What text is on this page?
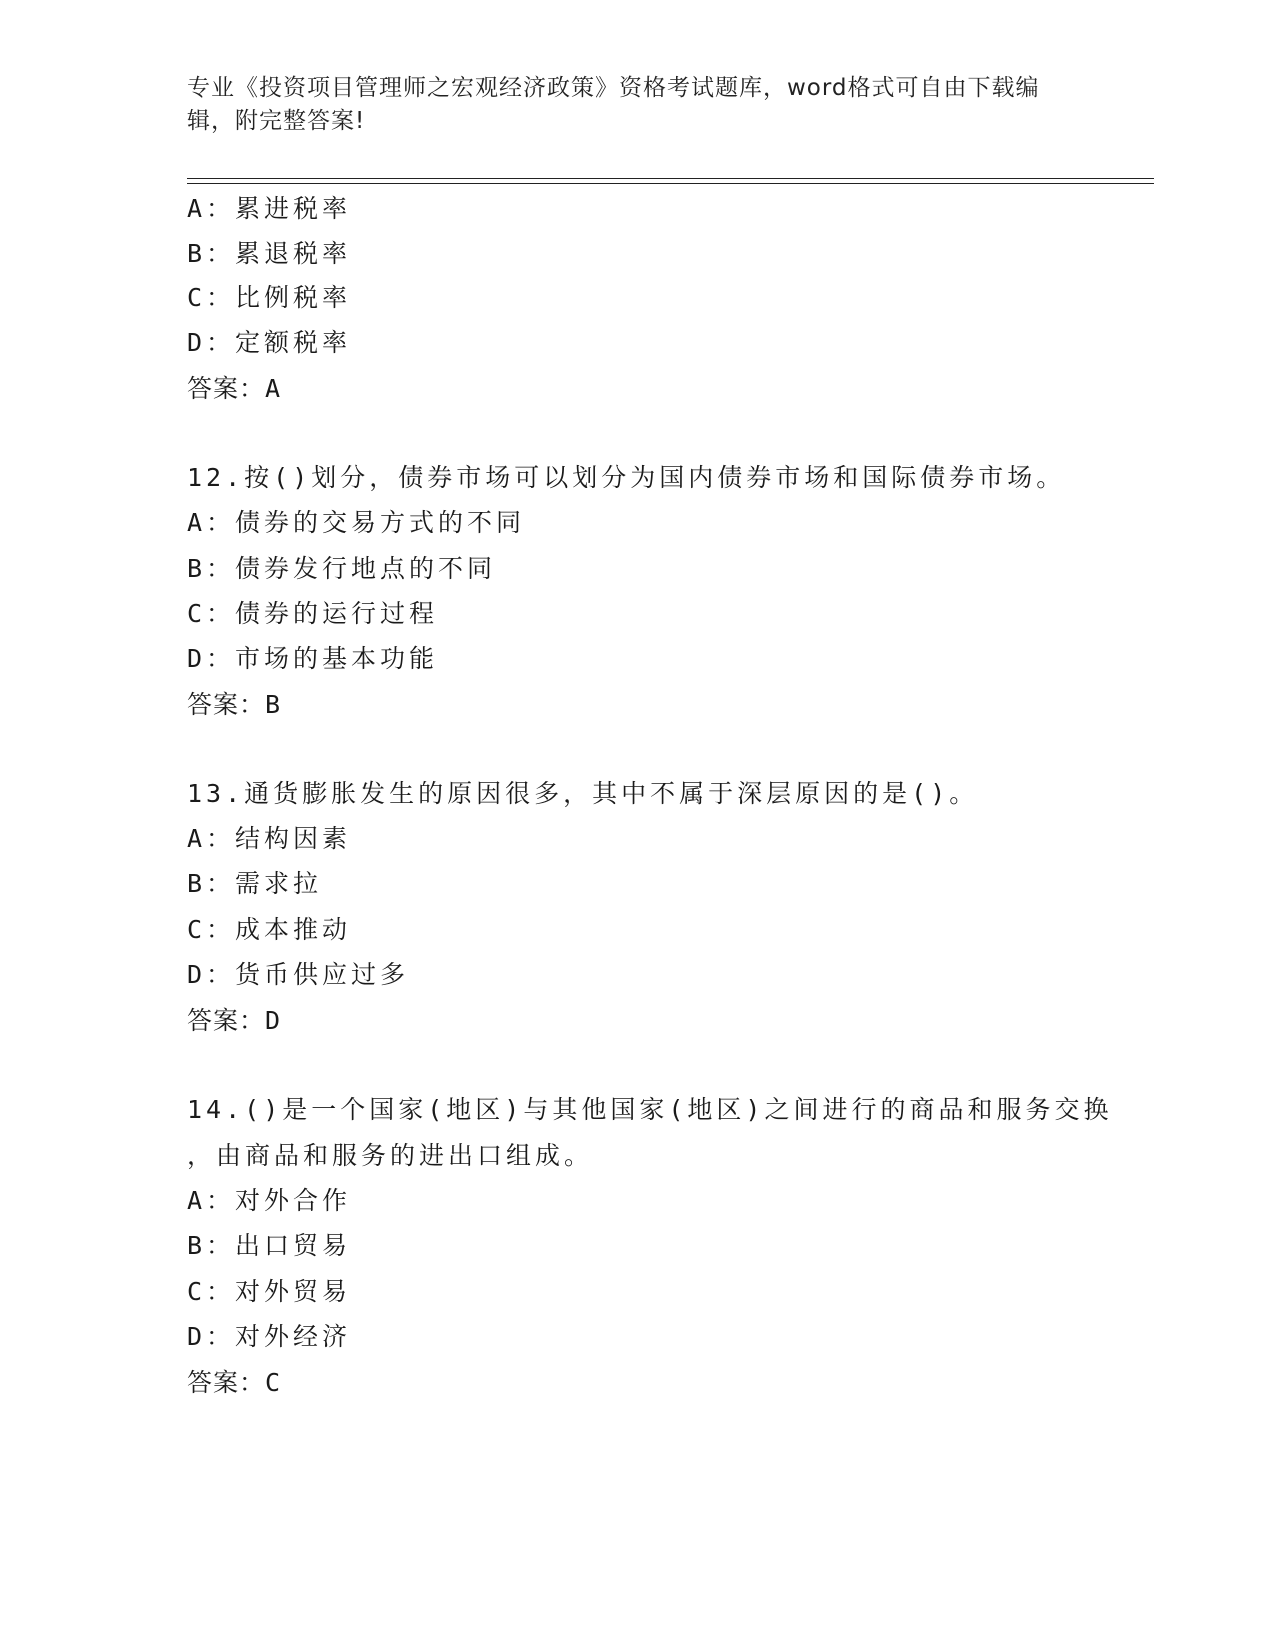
专业《投资项目管理师之宏观经济政策》资格考试题库，word格式可自由下载编
辑，附完整答案!
A：累进税率
B：累退税率
C：比例税率
D：定额税率
答案：A
12.按()划分，债券市场可以划分为国内债券市场和国际债券市场。
A：债券的交易方式的不同
B：债券发行地点的不同
C：债券的运行过程
D：市场的基本功能
答案：B
13.通货膨胀发生的原因很多，其中不属于深层原因的是()。
A：结构因素
B：需求拉
C：成本推动
D：货币供应过多
答案：D
14.()是一个国家(地区)与其他国家(地区)之间进行的商品和服务交换
，由商品和服务的进出口组成。
A：对外合作
B：出口贸易
C：对外贸易
D：对外经济
答案：C
